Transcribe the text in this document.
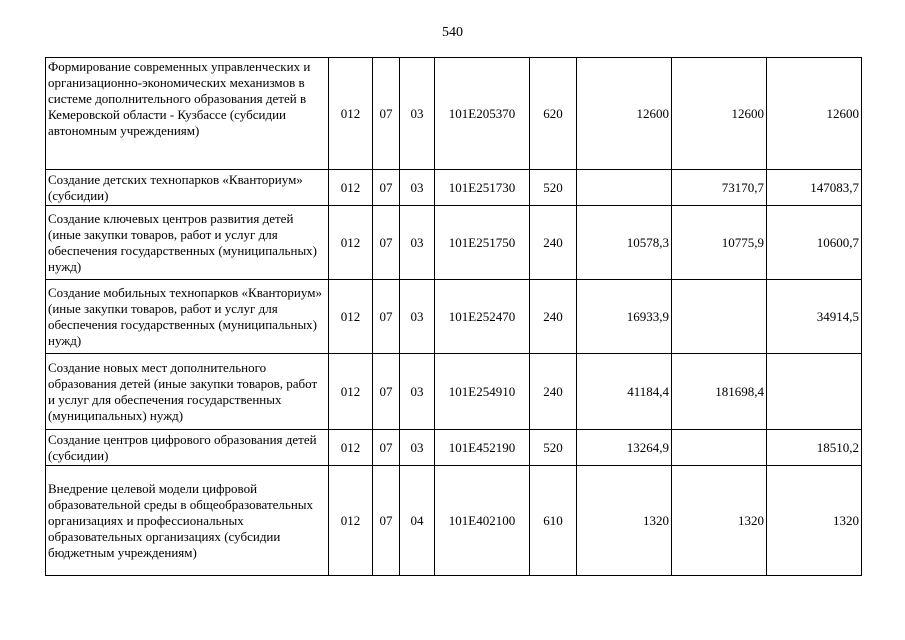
540
Формирование современных управленческих и организационно-экономических механизмов в системе дополнительного образования детей в Кемеровской области - Кузбассе (субсидии автономным учреждениям)	012	07	03	101E205370	620	12600	12600	12600
Создание детских технопарков «Кванториум» (субсидии)	012	07	03	101E251730	520		73170,7	147083,7
Создание ключевых центров развития детей (иные закупки товаров, работ и услуг для обеспечения государственных (муниципальных) нужд)	012	07	03	101E251750	240	10578,3	10775,9	10600,7
Создание мобильных технопарков «Кванториум» (иные закупки товаров, работ и услуг для обеспечения государственных (муниципальных) нужд)	012	07	03	101E252470	240	16933,9		34914,5
Создание новых мест дополнительного образования детей (иные закупки товаров, работ и услуг для обеспечения государственных (муниципальных) нужд)	012	07	03	101E254910	240	41184,4	181698,4	
Создание центров цифрового образования детей (субсидии)	012	07	03	101E452190	520	13264,9		18510,2
Внедрение целевой модели цифровой образовательной среды в общеобразовательных организациях и профессиональных образовательных организациях (субсидии бюджетным учреждениям)	012	07	04	101E402100	610	1320	1320	1320
